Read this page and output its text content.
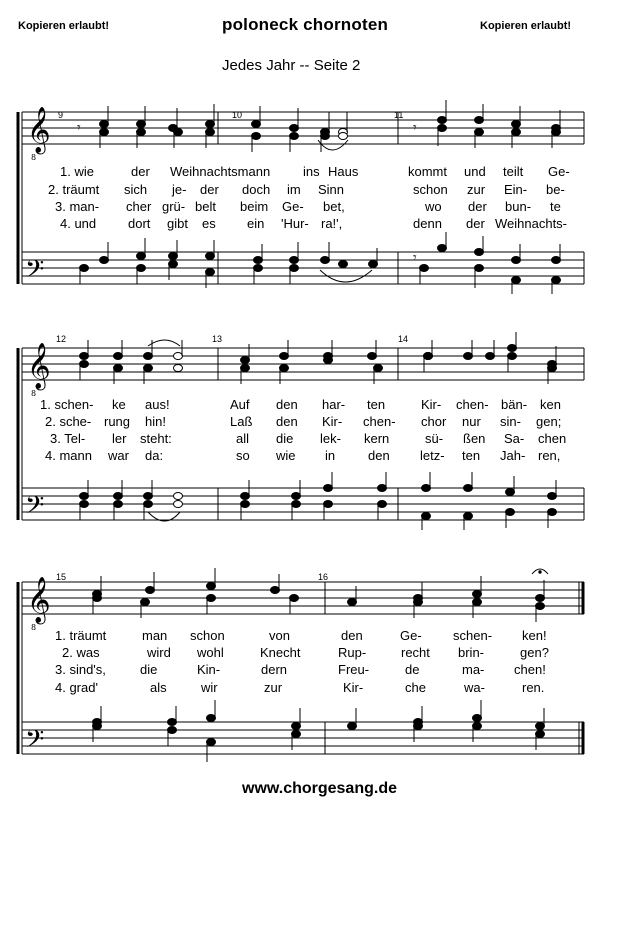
Kopieren erlaubt!	poloneck chornoten	Kopieren erlaubt!
Jedes Jahr -- Seite 2
𝄞
8
𝄢
𝄞
8
𝄢
𝄞
8
𝄢
𝄾	𝄾
𝄾
9	10	11
12	13	14
15	16
1. wie	der Weihnachtsmann	ins Haus	kommt und teilt Ge-
2. träumt sich je- der doch im Sinn	schon zur Ein- be-
3. man- cher grü- belt beim Ge- bet,	wo der bun- te
4. und dort gibt es ein 'Hur- ra!',	denn der Weihnachts-
1. schen- ke aus!	Auf den har- ten	Kir- chen- bän- ken
2. sche- rung hin!	Laß den Kir- chen- chor nur sin- gen;
3. Tel- ler steht:	all die lek- kern	sü- ßen Sa- chen
4. mann war da:	so wie in	den letz- ten Jah- ren,
1. träumt	man schon	von	den	Ge- schen- ken!
2. was	wird wohl	Knecht	Rup-	recht brin-	gen?
3. sind's,	die	Kin-	dern	Freu-	de	ma- chen!
4. grad'	als	wir	zur	Kir-	che	wa-	ren.
www.chorgesang.de
